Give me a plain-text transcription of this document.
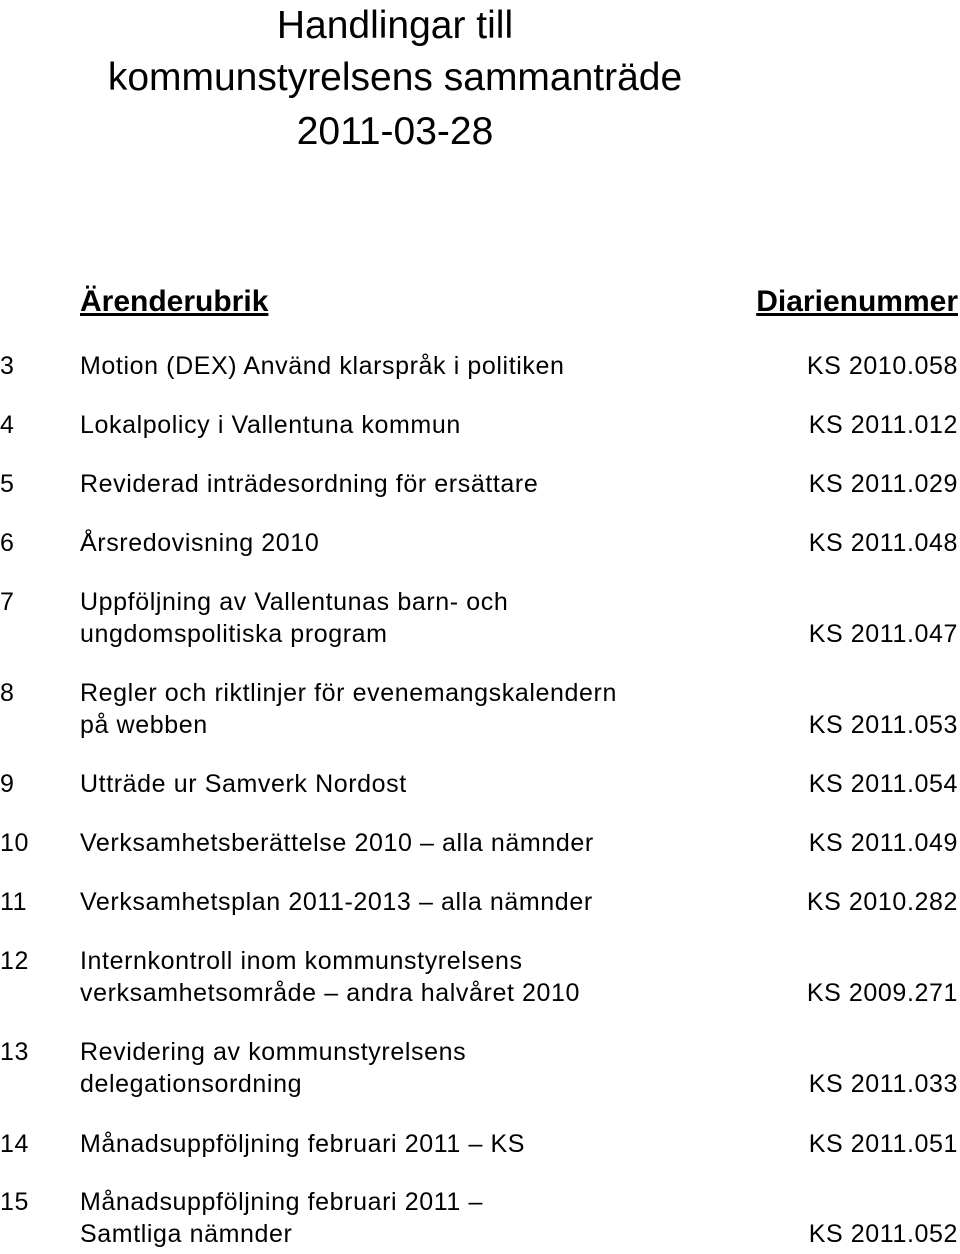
Handlingar till
kommunstyrelsens sammanträde
2011-03-28
Ärenderubrik	Diarienummer
3	Motion (DEX) Använd klarspråk i politiken	KS 2010.058
4	Lokalpolicy i Vallentuna kommun	KS 2011.012
5	Reviderad inträdesordning för ersättare	KS 2011.029
6	Årsredovisning 2010	KS 2011.048
7	Uppföljning av Vallentunas barn- och
ungdomspolitiska program	KS 2011.047
8	Regler och riktlinjer för evenemangskalendern
på webben	KS 2011.053
9	Utträde ur Samverk Nordost	KS 2011.054
10 Verksamhetsberättelse 2010 – alla nämnder	KS 2011.049
11 Verksamhetsplan 2011-2013 – alla nämnder	KS 2010.282
12 Internkontroll inom kommunstyrelsens
verksamhetsområde – andra halvåret 2010	KS 2009.271
13 Revidering av kommunstyrelsens
delegationsordning	KS 2011.033
14 Månadsuppföljning februari 2011 – KS	KS 2011.051
15 Månadsuppföljning februari 2011 –
Samtliga nämnder	KS 2011.052
